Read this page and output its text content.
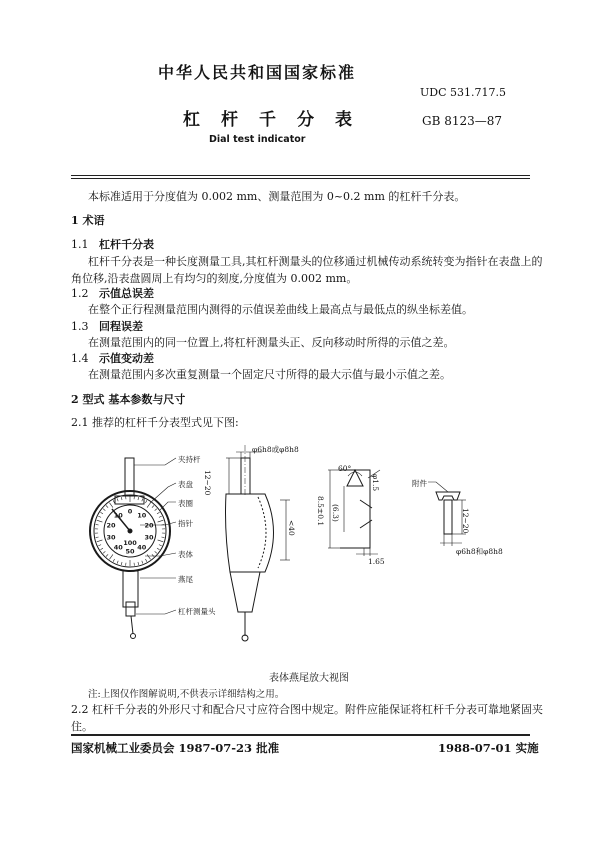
中华人民共和国国家标准
UDC 531.717.5
杠杆千分表	GB 8123—87
Dial test indicator
本标准适用于分度值为 0.002 mm、测量范围为 0~0.2 mm 的杠杆千分表。
1 术语
1.1 杠杆千分表
杠杆千分表是一种长度测量工具,其杠杆测量头的位移通过机械传动系统转变为指针在表盘上的
角位移,沿表盘圆周上有均匀的刻度,分度值为 0.002 mm。
1.2 示值总误差
在整个正行程测量范围内测得的示值误差曲线上最高点与最低点的纵坐标差值。
1.3 回程误差
在测量范围内的同一位置上,将杠杆测量头正、反向移动时所得的示值之差。
1.4 示值变动差
在测量范围内多次重复测量一个固定尺寸所得的最大示值与最小示值之差。
2 型式 基本参数与尺寸
2.1 推荐的杠杆千分表型式见下图:
0 10
20
30
40
50
40
30
20
10
100
夹持杆
表盘
表圈
指针
表体
燕尾
杠杆测量头
附件
φ6h8或φ8h8
12~20
<40
60°
φ1.5
8.5±0.1 (6.3)
1.65
12~20
φ6h8和φ8h8
表体燕尾放大视图
注:上图仅作图解说明,不供表示详细结构之用。
2.2 杠杆千分表的外形尺寸和配合尺寸应符合图中规定。附件应能保证将杠杆千分表可靠地紧固夹
住。
国家机械工业委员会 1987-07-23 批准	1988-07-01 实施
